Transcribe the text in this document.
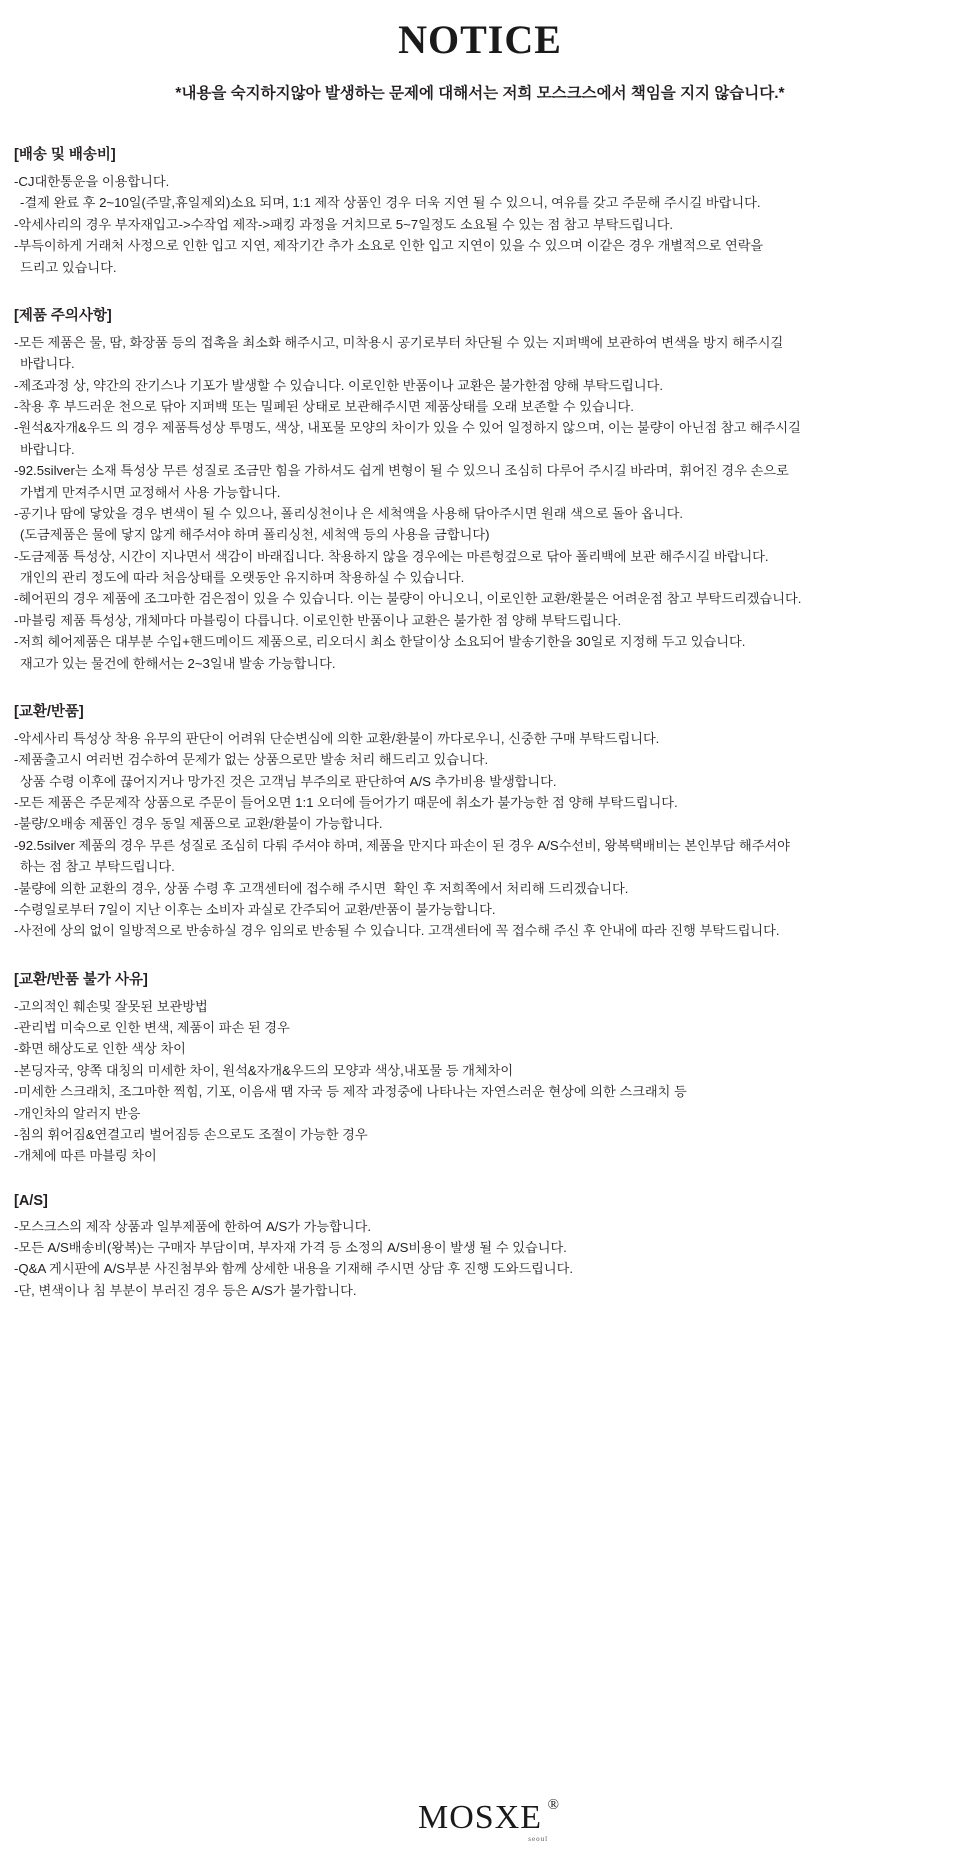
NOTICE
*내용을 숙지하지않아 발생하는 문제에 대해서는 저희 모스크스에서 책임을 지지 않습니다.*
[배송 및 배송비]
-CJ대한통운을 이용합니다.
-결제 완료 후 2~10일(주말,휴일제외)소요 되며, 1:1 제작 상품인 경우 더욱 지연 될 수 있으니, 여유를 갖고 주문해 주시길 바랍니다.
-악세사리의 경우 부자재입고->수작업 제작->패킹 과정을 거치므로 5~7일정도 소요될 수 있는 점 참고 부탁드립니다.
-부득이하게 거래처 사정으로 인한 입고 지연, 제작기간 추가 소요로 인한 입고 지연이 있을 수 있으며 이같은 경우 개별적으로 연락을
드리고 있습니다.
[제품 주의사항]
-모든 제품은 물, 땀, 화장품 등의 접촉을 최소화 해주시고, 미착용시 공기로부터 차단될 수 있는 지퍼백에 보관하여 변색을 방지 해주시길
바랍니다.
-제조과정 상, 약간의 잔기스나 기포가 발생할 수 있습니다. 이로인한 반품이나 교환은 불가한점 양해 부탁드립니다.
-착용 후 부드러운 천으로 닦아 지퍼백 또는 밀폐된 상태로 보관해주시면 제품상태를 오래 보존할 수 있습니다.
-원석&자개&우드 의 경우 제품특성상 투명도, 색상, 내포물 모양의 차이가 있을 수 있어 일정하지 않으며, 이는 불량이 아닌점 참고 해주시길
바랍니다.
-92.5silver는 소재 특성상 무른 성질로 조금만 힘을 가하셔도 쉽게 변형이 될 수 있으니 조심히 다루어 주시길 바라며,  휘어진 경우 손으로
가볍게 만져주시면 교정해서 사용 가능합니다.
-공기나 땀에 닿았을 경우 변색이 될 수 있으나, 폴리싱천이나 은 세척액을 사용해 닦아주시면 원래 색으로 돌아 옵니다.
(도금제품은 물에 닿지 않게 해주셔야 하며 폴리싱천, 세척액 등의 사용을 금합니다)
-도금제품 특성상, 시간이 지나면서 색감이 바래집니다. 착용하지 않을 경우에는 마른헝겊으로 닦아 폴리백에 보관 해주시길 바랍니다.
개인의 관리 정도에 따라 처음상태를 오랫동안 유지하며 착용하실 수 있습니다.
-헤어핀의 경우 제품에 조그마한 검은점이 있을 수 있습니다. 이는 불량이 아니오니, 이로인한 교환/환불은 어려운점 참고 부탁드리겠습니다.
-마블링 제품 특성상, 개체마다 마블링이 다릅니다. 이로인한 반품이나 교환은 불가한 점 양해 부탁드립니다.
-저희 헤어제품은 대부분 수입+핸드메이드 제품으로, 리오더시 최소 한달이상 소요되어 발송기한을 30일로 지정해 두고 있습니다.
재고가 있는 물건에 한해서는 2~3일내 발송 가능합니다.
[교환/반품]
-악세사리 특성상 착용 유무의 판단이 어려워 단순변심에 의한 교환/환불이 까다로우니, 신중한 구매 부탁드립니다.
-제품출고시 여러번 검수하여 문제가 없는 상품으로만 발송 처리 해드리고 있습니다.
상품 수령 이후에 끊어지거나 망가진 것은 고객님 부주의로 판단하여 A/S 추가비용 발생합니다.
-모든 제품은 주문제작 상품으로 주문이 들어오면 1:1 오더에 들어가기 때문에 취소가 불가능한 점 양해 부탁드립니다.
-불량/오배송 제품인 경우 동일 제품으로 교환/환불이 가능합니다.
-92.5silver 제품의 경우 무른 성질로 조심히 다뤄 주셔야 하며, 제품을 만지다 파손이 된 경우 A/S수선비, 왕복택배비는 본인부담 해주셔야
하는 점 참고 부탁드립니다.
-불량에 의한 교환의 경우, 상품 수령 후 고객센터에 접수해 주시면  확인 후 저희쪽에서 처리해 드리겠습니다.
-수령일로부터 7일이 지난 이후는 소비자 과실로 간주되어 교환/반품이 불가능합니다.
-사전에 상의 없이 일방적으로 반송하실 경우 임의로 반송될 수 있습니다. 고객센터에 꼭 접수해 주신 후 안내에 따라 진행 부탁드립니다.
[교환/반품 불가 사유]
-고의적인 훼손및 잘못된 보관방법
-관리법 미숙으로 인한 변색, 제품이 파손 된 경우
-화면 해상도로 인한 색상 차이
-본딩자국, 양쪽 대칭의 미세한 차이, 원석&자개&우드의 모양과 색상,내포물 등 개체차이
-미세한 스크래치, 조그마한 찍힘, 기포, 이음새 땜 자국 등 제작 과정중에 나타나는 자연스러운 현상에 의한 스크래치 등
-개인차의 알러지 반응
-침의 휘어짐&연결고리 벌어짐등 손으로도 조절이 가능한 경우
-개체에 따른 마블링 차이
[A/S]
-모스크스의 제작 상품과 일부제품에 한하여 A/S가 가능합니다.
-모든 A/S배송비(왕복)는 구매자 부담이며, 부자재 가격 등 소정의 A/S비용이 발생 될 수 있습니다.
-Q&A 게시판에 A/S부분 사진첨부와 함께 상세한 내용을 기재해 주시면 상담 후 진행 도와드립니다.
-단, 변색이나 침 부분이 부러진 경우 등은 A/S가 불가합니다.
MOSXE ®
seoul
